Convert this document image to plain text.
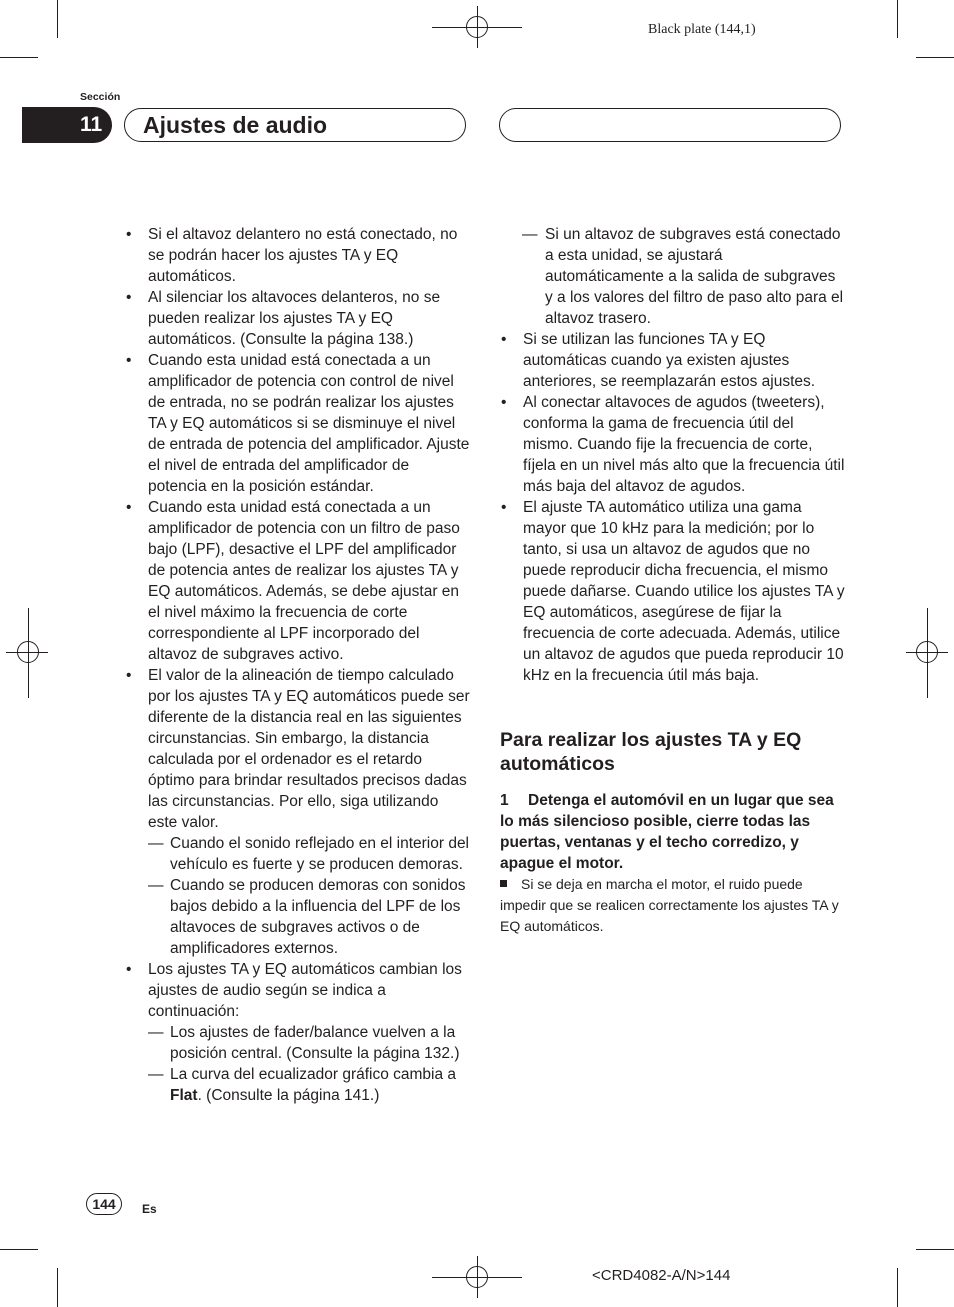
Black plate (144,1)
Sección
11	Ajustes de audio
• Si el altavoz delantero no está conectado, no se podrán hacer los ajustes TA y EQ automáticos.
• Al silenciar los altavoces delanteros, no se pueden realizar los ajustes TA y EQ automáticos. (Consulte la página 138.)
• Cuando esta unidad está conectada a un amplificador de potencia con control de nivel de entrada, no se podrán realizar los ajustes TA y EQ automáticos si se disminuye el nivel de entrada de potencia del amplificador. Ajuste el nivel de entrada del amplificador de potencia en la posición estándar.
• Cuando esta unidad está conectada a un amplificador de potencia con un filtro de paso bajo (LPF), desactive el LPF del amplificador de potencia antes de realizar los ajustes TA y EQ automáticos. Además, se debe ajustar en el nivel máximo la frecuencia de corte correspondiente al LPF incorporado del altavoz de subgraves activo.
• El valor de la alineación de tiempo calculado por los ajustes TA y EQ automáticos puede ser diferente de la distancia real en las siguientes circunstancias. Sin embargo, la distancia calculada por el ordenador es el retardo óptimo para brindar resultados precisos dadas las circunstancias. Por ello, siga utilizando este valor.
— Cuando el sonido reflejado en el interior del vehículo es fuerte y se producen demoras.
— Cuando se producen demoras con sonidos bajos debido a la influencia del LPF de los altavoces de subgraves activos o de amplificadores externos.
• Los ajustes TA y EQ automáticos cambian los ajustes de audio según se indica a continuación:
— Los ajustes de fader/balance vuelven a la posición central. (Consulte la página 132.)
— La curva del ecualizador gráfico cambia a Flat. (Consulte la página 141.)
— Si un altavoz de subgraves está conectado a esta unidad, se ajustará automáticamente a la salida de subgraves y a los valores del filtro de paso alto para el altavoz trasero.
• Si se utilizan las funciones TA y EQ automáticas cuando ya existen ajustes anteriores, se reemplazarán estos ajustes.
• Al conectar altavoces de agudos (tweeters), conforma la gama de frecuencia útil del mismo. Cuando fije la frecuencia de corte, fíjela en un nivel más alto que la frecuencia útil más baja del altavoz de agudos.
• El ajuste TA automático utiliza una gama mayor que 10 kHz para la medición; por lo tanto, si usa un altavoz de agudos que no puede reproducir dicha frecuencia, el mismo puede dañarse. Cuando utilice los ajustes TA y EQ automáticos, asegúrese de fijar la frecuencia de corte adecuada. Además, utilice un altavoz de agudos que pueda reproducir 10 kHz en la frecuencia útil más baja.
Para realizar los ajustes TA y EQ automáticos

1 Detenga el automóvil en un lugar que sea lo más silencioso posible, cierre todas las puertas, ventanas y el techo corredizo, y apague el motor.

Si se deja en marcha el motor, el ruido puede impedir que se realicen correctamente los ajustes TA y EQ automáticos.

144	Es
<CRD4082-A/N>144
